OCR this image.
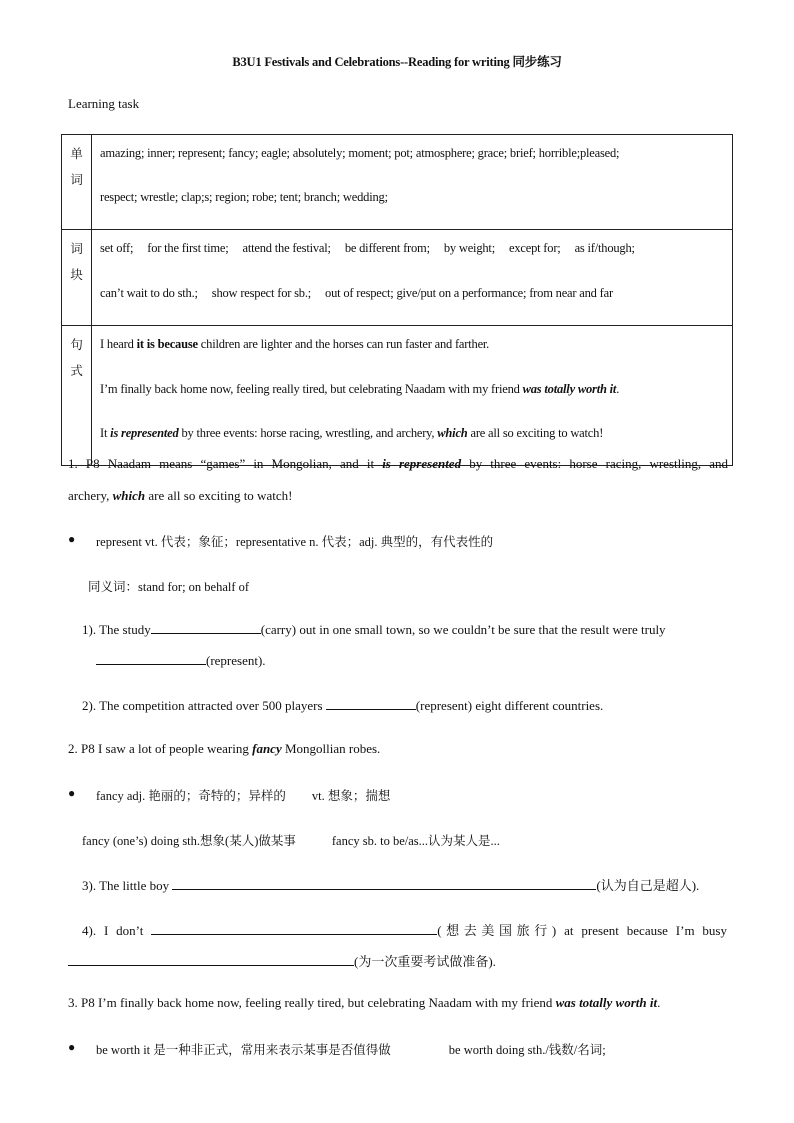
B3U1 Festivals and Celebrations--Reading for writing 同步练习
Learning task
单
词	amazing; inner; represent; fancy; eagle; absolutely; moment; pot; atmosphere; grace; brief; horrible;pleased;
respect; wrestle; clap;s; region; robe; tent; branch; wedding;

词
块	set off; for the first time; attend the festival; be different from; by weight; except for; as if/though;
can’t wait to do sth.; show respect for sb.; out of respect; give/put on a performance; from near and far

句
式	I heard it is because children are lighter and the horses can run faster and farther.
I’m finally back home now, feeling really tired, but celebrating Naadam with my friend was totally worth it.
It is represented by three events: horse racing, wrestling, and archery, which are all so exciting to watch!
1. P8 Naadam means “games” in Mongolian, and it is represented by three events: horse racing, wrestling, and
archery, which are all so exciting to watch!
● represent vt. 代表；象征；representative n. 代表；adj. 典型的，有代表性的
同义词：stand for; on behalf of
1). The study	(carry) out in one small town, so we couldn’t be sure that the result were truly
(represent).
2). The competition attracted over 500 players	(represent) eight different countries.
2. P8 I saw a lot of people wearing fancy Mongollian robes.
● fancy adj. 艳丽的；奇特的；异样的 vt. 想象；揣想
fancy (one’s) doing sth.想象(某人)做某事	fancy sb. to be/as...认为某人是...
3). The little boy	(认为自己是超人).
4). I don’t	(想去美国旅行) at present because I’m busy
(为一次重要考试做准备).
3. P8 I’m finally back home now, feeling really tired, but celebrating Naadam with my friend was totally worth it.
● be worth it 是一种非正式，常用来表示某事是否值得做	be worth doing sth./钱数/名词;
